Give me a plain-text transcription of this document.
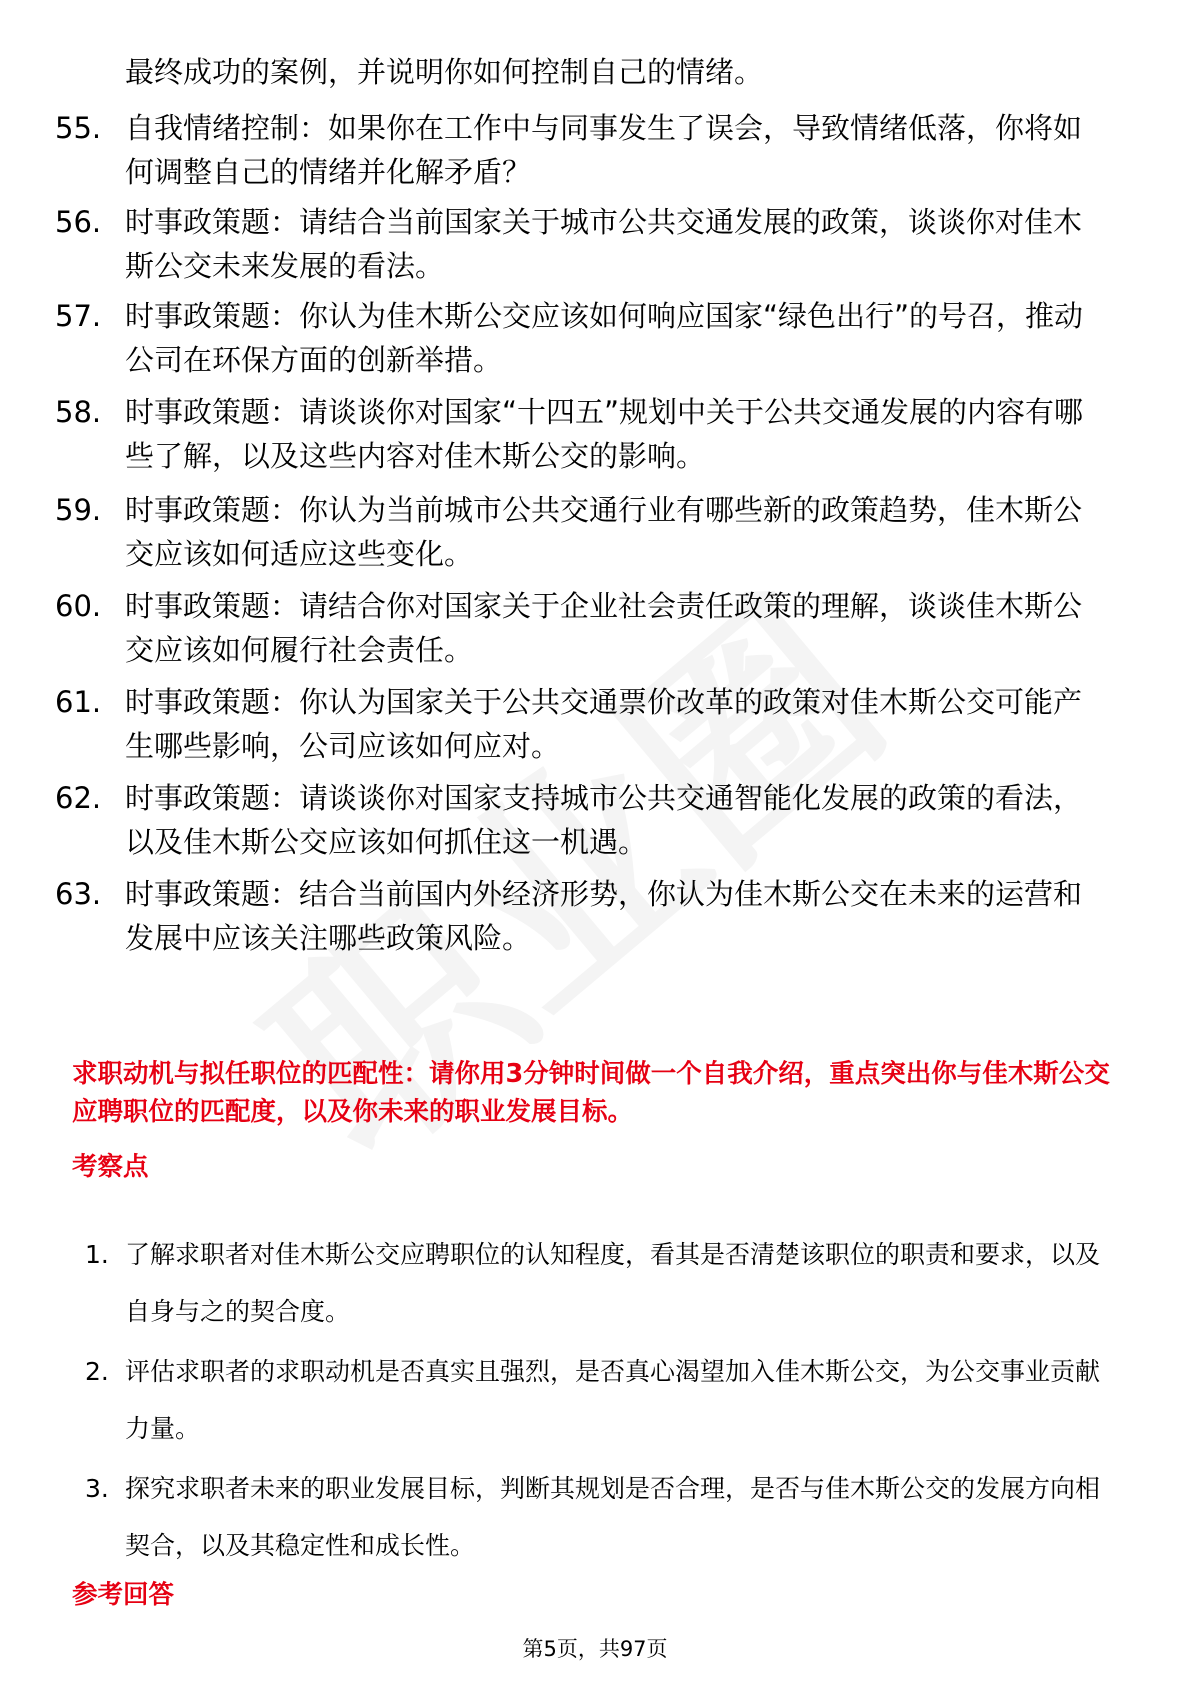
最终成功的案例，并说明你如何控制自己的情绪。
55. 自我情绪控制：如果你在工作中与同事发生了误会，导致情绪低落，你将如何调整自己的情绪并化解矛盾？
56. 时事政策题：请结合当前国家关于城市公共交通发展的政策，谈谈你对佳木斯公交未来发展的看法。
57. 时事政策题：你认为佳木斯公交应该如何响应国家“绿色出行”的号召，推动公司在环保方面的创新举措。
58. 时事政策题：请谈谈你对国家“十四五”规划中关于公共交通发展的内容有哪些了解，以及这些内容对佳木斯公交的影响。
59. 时事政策题：你认为当前城市公共交通行业有哪些新的政策趋势，佳木斯公交应该如何适应这些变化。
60. 时事政策题：请结合你对国家关于企业社会责任政策的理解，谈谈佳木斯公交应该如何履行社会责任。
61. 时事政策题：你认为国家关于公共交通票价改革的政策对佳木斯公交可能产生哪些影响，公司应该如何应对。
62. 时事政策题：请谈谈你对国家支持城市公共交通智能化发展的政策的看法，以及佳木斯公交应该如何抓住这一机遇。
63. 时事政策题：结合当前国内外经济形势，你认为佳木斯公交在未来的运营和发展中应该关注哪些政策风险。
求职动机与拟任职位的匹配性：请你用3分钟时间做一个自我介绍，重点突出你与佳木斯公交应聘职位的匹配度，以及你未来的职业发展目标。
考察点
1. 了解求职者对佳木斯公交应聘职位的认知程度，看其是否清楚该职位的职责和要求，以及自身与之的契合度。
2. 评估求职者的求职动机是否真实且强烈，是否真心渴望加入佳木斯公交，为公交事业贡献力量。
3. 探究求职者未来的职业发展目标，判断其规划是否合理，是否与佳木斯公交的发展方向相契合，以及其稳定性和成长性。
参考回答
第5页，共97页
